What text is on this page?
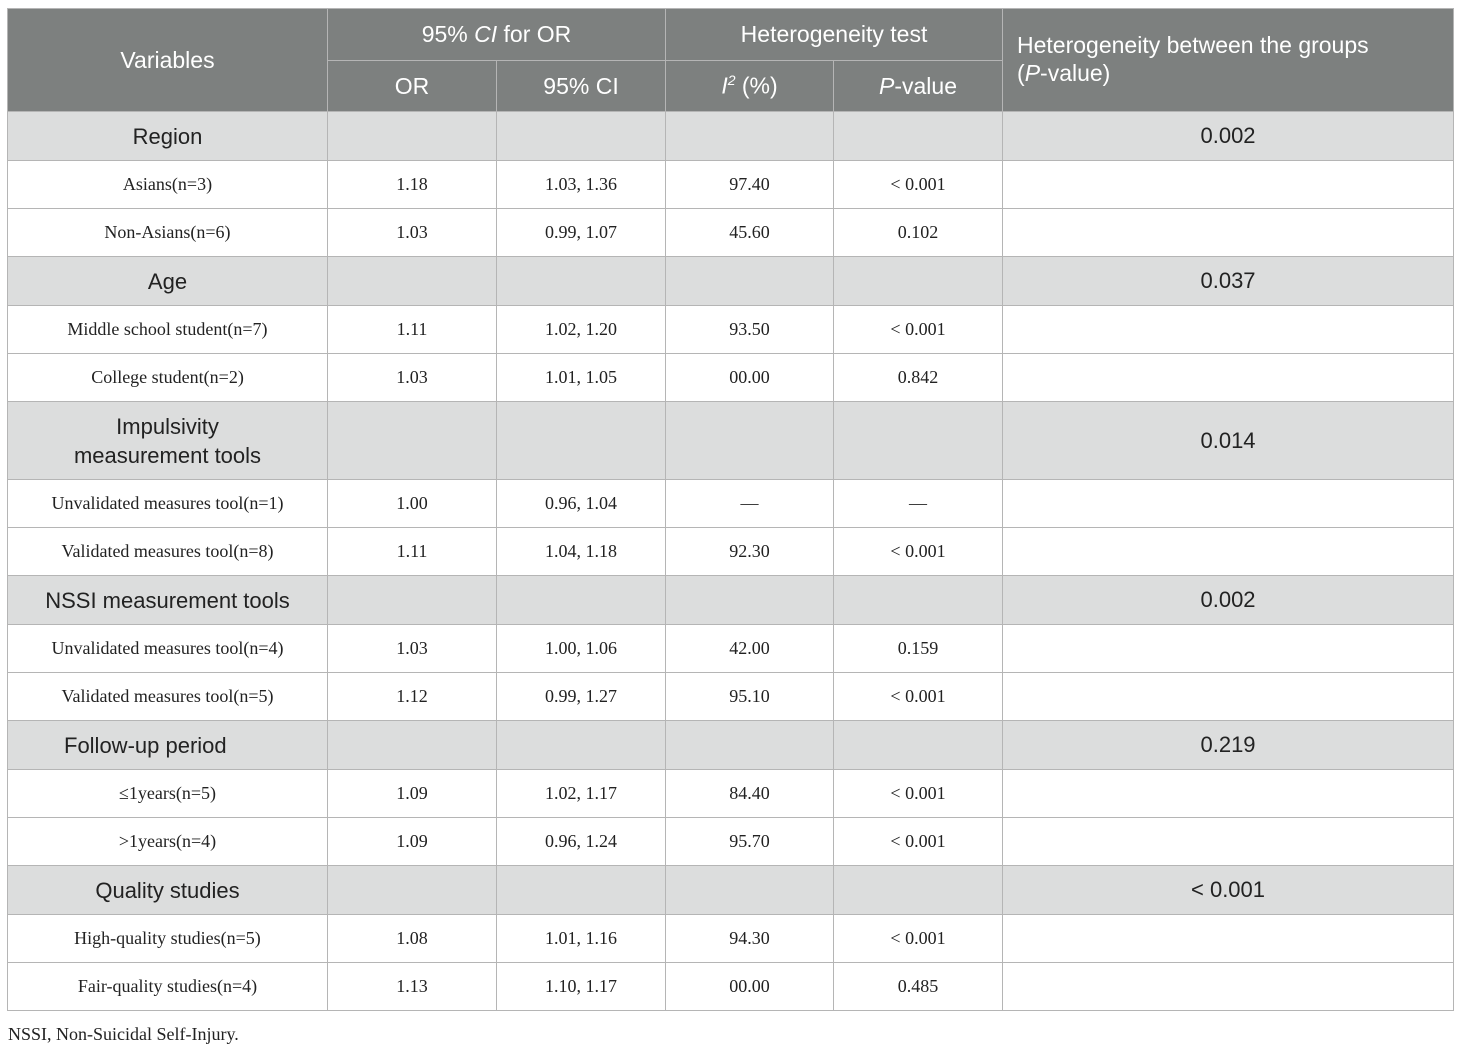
Variables	95% CI for OR		Heterogeneity test		Heterogeneity between the groups
(P-value)
	OR	95% CI	$I^2$ (%)	P-value	
Region					0.002
Asians(n=3)	1.18	1.03, 1.36	97.40	< 0.001	
Non-Asians(n=6)	1.03	0.99, 1.07	45.60	0.102	
Age					0.037
Middle school student(n=7)	1.11	1.02, 1.20	93.50	< 0.001	
College student(n=2)	1.03	1.01, 1.05	00.00	0.842	
Impulsivity
measurement tools					0.014
Unvalidated measures tool(n=1)	1.00	0.96, 1.04	—	—	
Validated measures tool(n=8)	1.11	1.04, 1.18	92.30	< 0.001	
NSSI measurement tools					0.002
Unvalidated measures tool(n=4)	1.03	1.00, 1.06	42.00	0.159	
Validated measures tool(n=5)	1.12	0.99, 1.27	95.10	< 0.001	
Follow-up period					0.219
≤1years(n=5)	1.09	1.02, 1.17	84.40	< 0.001	
>1years(n=4)	1.09	0.96, 1.24	95.70	< 0.001	
Quality studies					< 0.001
High-quality studies(n=5)	1.08	1.01, 1.16	94.30	< 0.001	
Fair-quality studies(n=4)	1.13	1.10, 1.17	00.00	0.485	
NSSI, Non-Suicidal Self-Injury.
